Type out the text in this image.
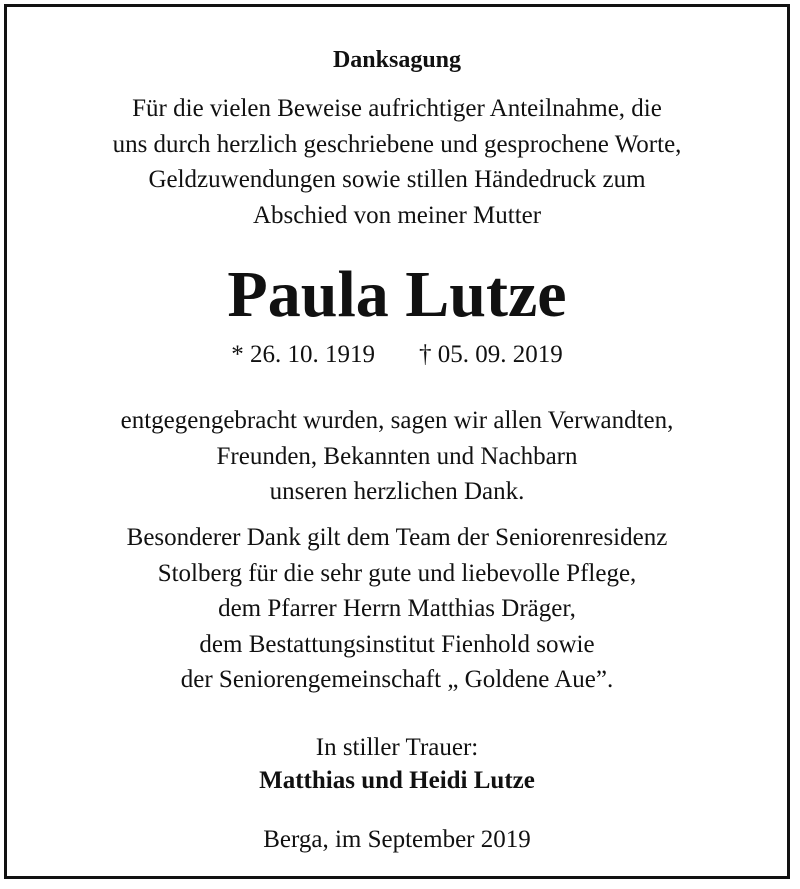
Danksagung
Für die vielen Beweise aufrichtiger Anteilnahme, die
uns durch herzlich geschriebene und gesprochene Worte,
Geldzuwendungen sowie stillen Händedruck zum
Abschied von meiner Mutter
Paula Lutze
* 26. 10. 1919 † 05. 09. 2019
entgegengebracht wurden, sagen wir allen Verwandten,
Freunden, Bekannten und Nachbarn
unseren herzlichen Dank.
Besonderer Dank gilt dem Team der Seniorenresidenz
Stolberg für die sehr gute und liebevolle Pflege,
dem Pfarrer Herrn Matthias Dräger,
dem Bestattungsinstitut Fienhold sowie
der Seniorengemeinschaft „ Goldene Aue”.
In stiller Trauer:
Matthias und Heidi Lutze
Berga, im September 2019
